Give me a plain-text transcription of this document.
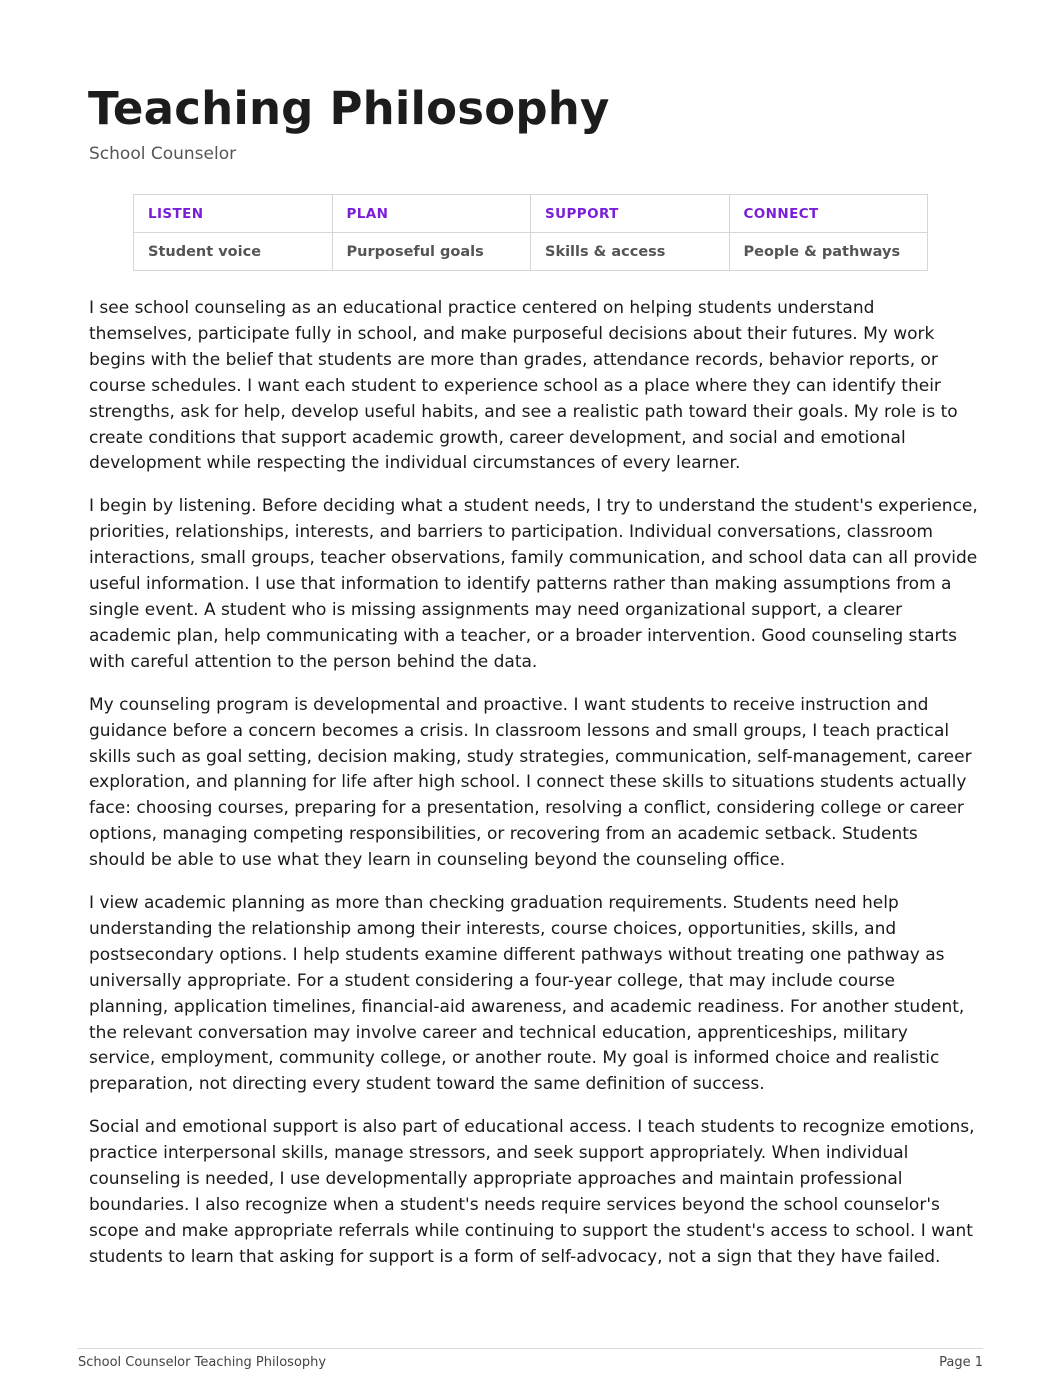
Teaching Philosophy

School Counselor

LISTEN	PLAN	SUPPORT	CONNECT
Student voice	Purposeful goals	Skills & access	People & pathways

I see school counseling as an educational practice centered on helping students understand themselves, participate fully in school, and make purposeful decisions about their futures. My work begins with the belief that students are more than grades, attendance records, behavior reports, or course schedules. I want each student to experience school as a place where they can identify their strengths, ask for help, develop useful habits, and see a realistic path toward their goals. My role is to create conditions that support academic growth, career development, and social and emotional development while respecting the individual circumstances of every learner.

I begin by listening. Before deciding what a student needs, I try to understand the student's experience, priorities, relationships, interests, and barriers to participation. Individual conversations, classroom interactions, small groups, teacher observations, family communication, and school data can all provide useful information. I use that information to identify patterns rather than making assumptions from a single event. A student who is missing assignments may need organizational support, a clearer academic plan, help communicating with a teacher, or a broader intervention. Good counseling starts with careful attention to the person behind the data.

My counseling program is developmental and proactive. I want students to receive instruction and guidance before a concern becomes a crisis. In classroom lessons and small groups, I teach practical skills such as goal setting, decision making, study strategies, communication, self-management, career exploration, and planning for life after high school. I connect these skills to situations students actually face: choosing courses, preparing for a presentation, resolving a conflict, considering college or career options, managing competing responsibilities, or recovering from an academic setback. Students should be able to use what they learn in counseling beyond the counseling office.

I view academic planning as more than checking graduation requirements. Students need help understanding the relationship among their interests, course choices, opportunities, skills, and postsecondary options. I help students examine different pathways without treating one pathway as universally appropriate. For a student considering a four-year college, that may include course planning, application timelines, financial-aid awareness, and academic readiness. For another student, the relevant conversation may involve career and technical education, apprenticeships, military service, employment, community college, or another route. My goal is informed choice and realistic preparation, not directing every student toward the same definition of success.

Social and emotional support is also part of educational access. I teach students to recognize emotions, practice interpersonal skills, manage stressors, and seek support appropriately. When individual counseling is needed, I use developmentally appropriate approaches and maintain professional boundaries. I also recognize when a student's needs require services beyond the school counselor's scope and make appropriate referrals while continuing to support the student's access to school. I want students to learn that asking for support is a form of self-advocacy, not a sign that they have failed.

School Counselor Teaching Philosophy	Page 1
